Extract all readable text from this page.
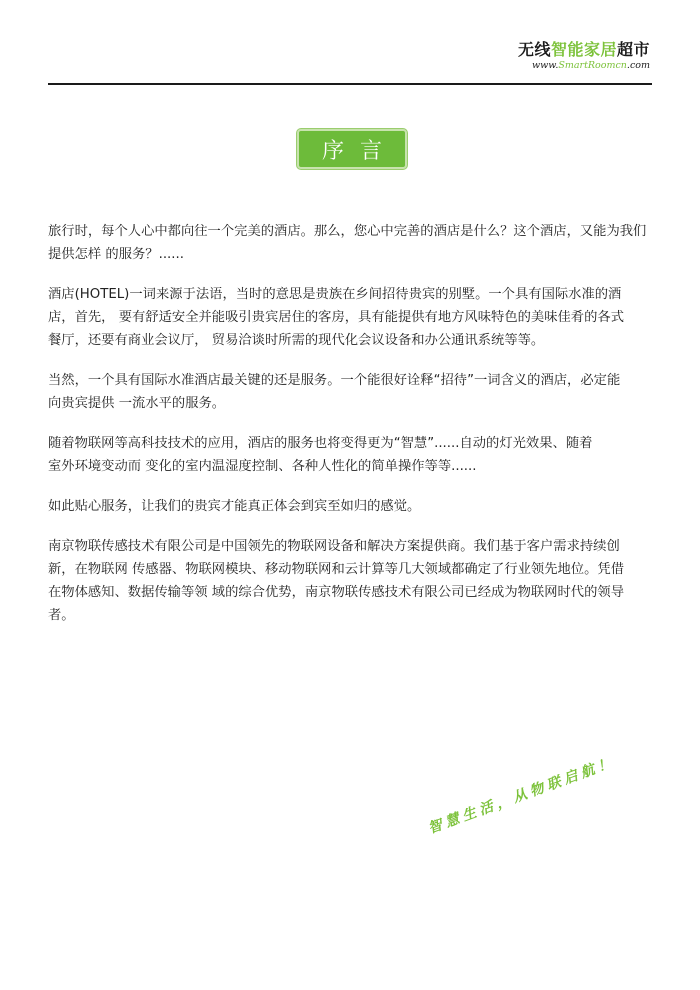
无线智能家居超市
www.SmartRoomcn.com
序言

旅行时，每个人心中都向往一个完美的酒店。那么，您心中完善的酒店是什么？这个酒店，又能为我们
提供怎样 的服务？......

酒店(HOTEL)一词来源于法语，当时的意思是贵族在乡间招待贵宾的别墅。一个具有国际水准的酒
店，首先， 要有舒适安全并能吸引贵宾居住的客房，具有能提供有地方风味特色的美味佳肴的各式
餐厅，还要有商业会议厅， 贸易洽谈时所需的现代化会议设备和办公通讯系统等等。

当然，一个具有国际水准酒店最关键的还是服务。一个能很好诠释“招待”一词含义的酒店，必定能
向贵宾提供 一流水平的服务。

随着物联网等高科技技术的应用，酒店的服务也将变得更为“智慧”......自动的灯光效果、随着
室外环境变动而 变化的室内温湿度控制、各种人性化的简单操作等等......

如此贴心服务，让我们的贵宾才能真正体会到宾至如归的感觉。

南京物联传感技术有限公司是中国领先的物联网设备和解决方案提供商。我们基于客户需求持续创
新，在物联网 传感器、物联网模块、移动物联网和云计算等几大领域都确定了行业领先地位。凭借
在物体感知、数据传输等领 域的综合优势，南京物联传感技术有限公司已经成为物联网时代的领导
者。

智慧生活，从物联启航！
